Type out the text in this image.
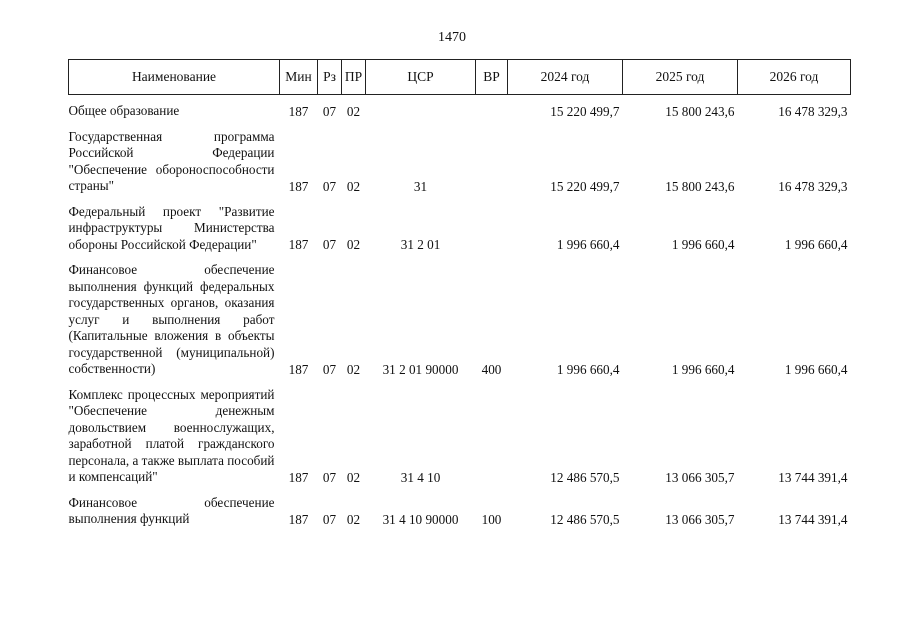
1470
Наименование	Мин	Рз	ПР	ЦСР	ВР	2024 год	2025 год	2026 год

Общее образование	187	07	02			15 220 499,7	15 800 243,6	16 478 329,3

Государственная программа Российской Федерации "Обеспечение обороноспособности страны"	187	07	02	31		15 220 499,7	15 800 243,6	16 478 329,3

Федеральный проект "Развитие инфраструктуры Министерства обороны Российской Федерации"	187	07	02	31 2 01		1 996 660,4	1 996 660,4	1 996 660,4

Финансовое обеспечение выполнения функций федеральных государственных органов, оказания услуг и выполнения работ (Капитальные вложения в объекты государственной (муниципальной) собственности)	187	07	02	31 2 01 90000	400	1 996 660,4	1 996 660,4	1 996 660,4

Комплекс процессных мероприятий "Обеспечение денежным довольствием военнослужащих, заработной платой гражданского персонала, а также выплата пособий и компенсаций"	187	07	02	31 4 10		12 486 570,5	13 066 305,7	13 744 391,4

Финансовое обеспечение выполнения функций	187	07	02	31 4 10 90000	100	12 486 570,5	13 066 305,7	13 744 391,4
